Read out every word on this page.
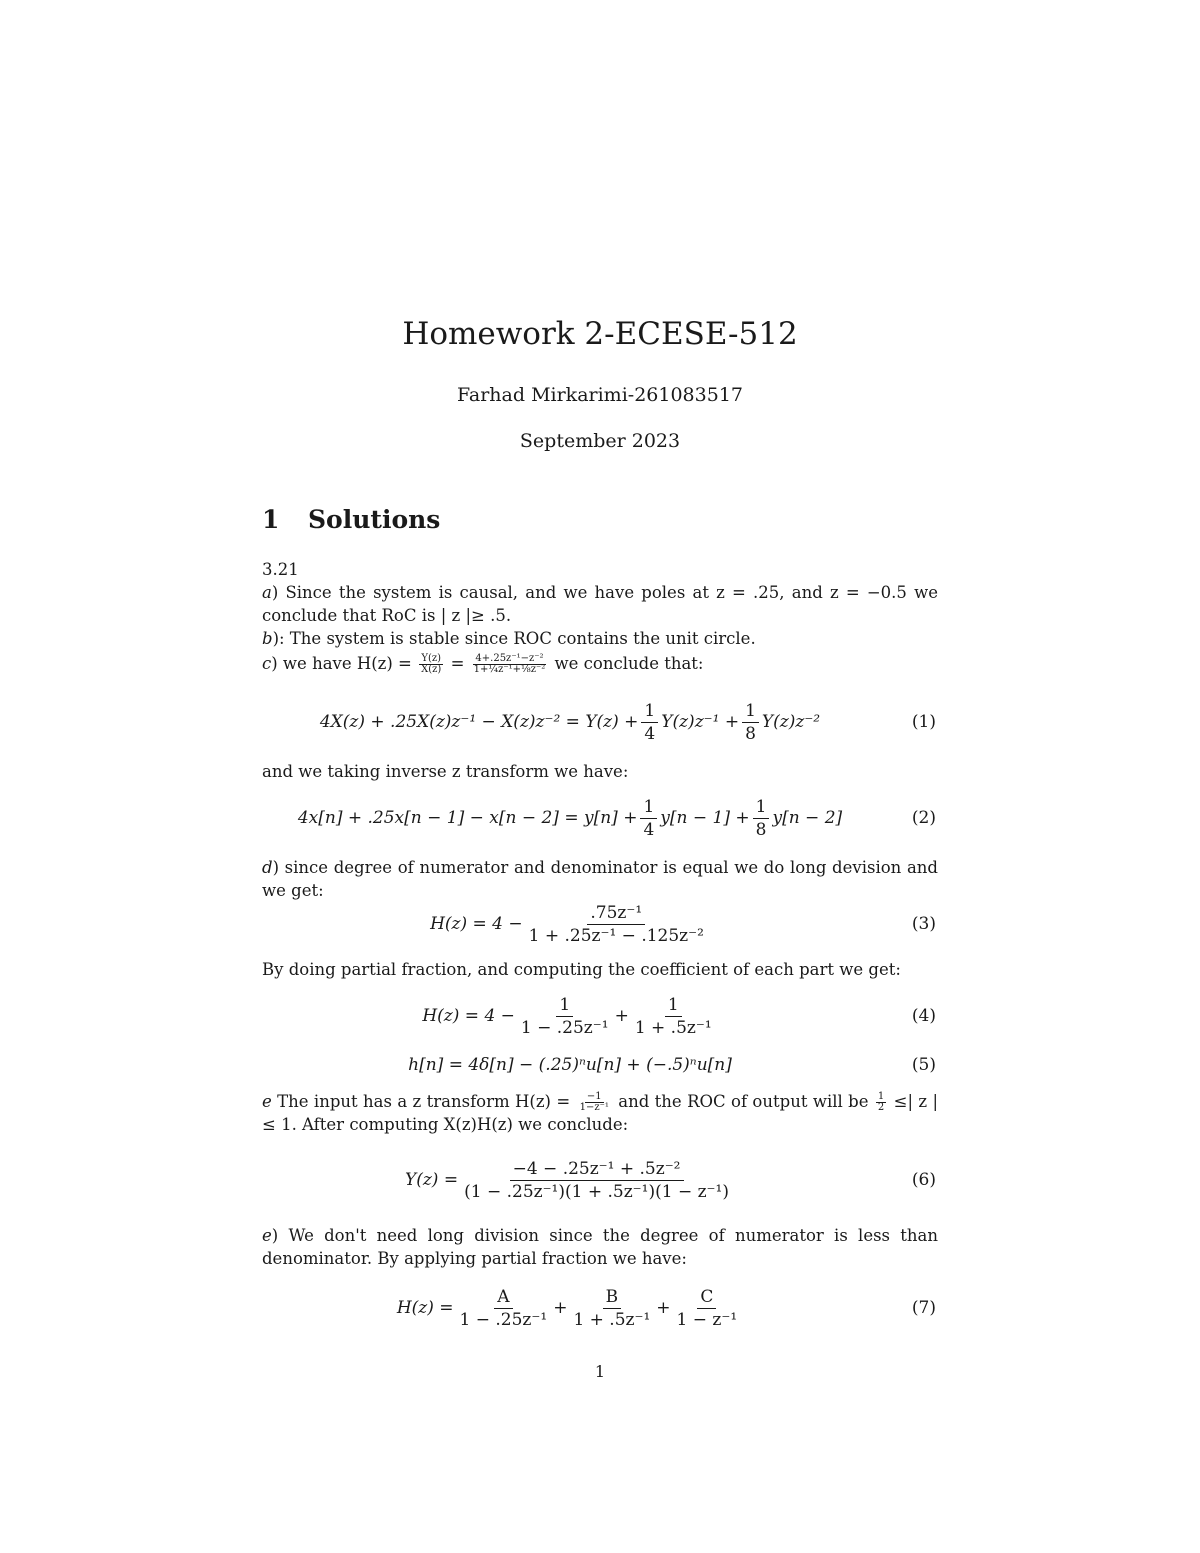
Homework 2-ECESE-512
Farhad Mirkarimi-261083517
September 2023
1 Solutions
3.21
a) Since the system is causal, and we have poles at z = .25, and z = −0.5 we conclude that RoC is | z |≥ .5.
b): The system is stable since ROC contains the unit circle.
c) we have $H(z) = \frac{Y(z)}{X(z)} = \frac{\text{4+.25z⁻¹−z⁻²}}{\text{1+¼z⁻¹+⅛z⁻²}}$ we conclude that:
$4X(z) + .25X(z)z^{-1} - X(z)z^{-2} = Y(z) + \frac{1}{4} Y(z)z^{-1} + \frac{1}{8} Y(z)z^{-2}$	(1)
and we taking inverse z transform we have:
$4x[n] + .25x[n - 1] - x[n - 2] = y[n] + \frac{1}{4} y[n - 1] + \frac{1}{8} y[n - 2]$	(2)
d) since degree of numerator and denominator is equal we do long devision and we get:
$H(z) = 4 - \frac{\text{.75z⁻¹}}{\text{1 + .25z⁻¹ − .125z⁻²}}$	(3)
By doing partial fraction, and computing the coefficient of each part we get:
$H(z) = 4 - \frac{1}{\text{1 − .25z⁻¹}} + \frac{1}{\text{1 + .5z⁻¹}}$	(4)
h[n] = 4δ[n] − (.25)ⁿu[n] + (−.5)ⁿu[n]	(5)
e The input has a z transform $H(z) = \frac{-1}{\text{1−z⁻¹}}$ and the ROC of output will be $\frac{1}{2}$ ≤| z |≤ 1. After computing X(z)H(z) we conclude:
$Y(z) = \frac{\text{−4 − .25z⁻¹ + .5z⁻²}}{\text{(1 − .25z⁻¹)(1 + .5z⁻¹)(1 − z⁻¹)}}$	(6)
e) We don't need long division since the degree of numerator is less than denominator. By applying partial fraction we have:
$H(z) = \frac{A}{\text{1 − .25z⁻¹}} + \frac{B}{\text{1 + .5z⁻¹}} + \frac{C}{\text{1 − z⁻¹}}$	(7)
1
